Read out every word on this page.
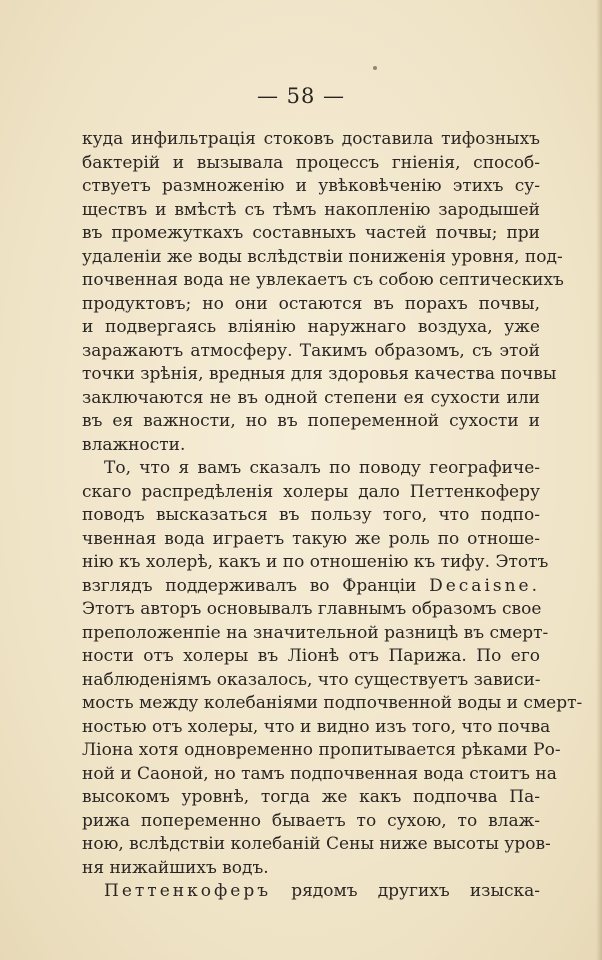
— 58 —
куда инфильтрація стоковъ доставила тифозныхъ
бактерій и вызывала процессъ гніенія, способ-
ствуетъ размноженію и увѣковѣченію этихъ су-
ществъ и вмѣстѣ съ тѣмъ накопленію зародышей
въ промежуткахъ составныхъ частей почвы; при
удаленіи же воды вслѣдствіи пониженія уровня, под-
почвенная вода не увлекаетъ съ собою септическихъ
продуктовъ; но они остаются въ порахъ почвы,
и подвергаясь вліянію наружнаго воздуха, уже
заражаютъ атмосферу. Такимъ образомъ, съ этой
точки зрѣнія, вредныя для здоровья качества почвы
заключаются не въ одной степени ея сухости или
въ ея важности, но въ попеременной сухости и
влажности.
То, что я вамъ сказалъ по поводу географиче-
скаго распредѣленія холеры дало Петтенкоферу
поводъ высказаться въ пользу того, что подпо-
чвенная вода играетъ такую же роль по отноше-
нію къ холерѣ, какъ и по отношенію къ тифу. Этотъ
взглядъ поддерживалъ во Франціи Decaisne.
Этотъ авторъ основывалъ главнымъ образомъ свое
преположенпіе на значительной разницѣ въ смерт-
ности отъ холеры въ Ліонѣ отъ Парижа. По его
наблюденіямъ оказалось, что существуетъ зависи-
мость между колебаніями подпочвенной воды и смерт-
ностью отъ холеры, что и видно изъ того, что почва
Ліона хотя одновременно пропитывается рѣками Ро-
ной и Саоной, но тамъ подпочвенная вода стоитъ на
высокомъ уровнѣ, тогда же какъ подпочва Па-
рижа попеременно бываетъ то сухою, то влаж-
ною, вслѣдствіи колебаній Сены ниже высоты уров-
ня нижайшихъ водъ.
Петтенкоферъ рядомъ другихъ изыска-
